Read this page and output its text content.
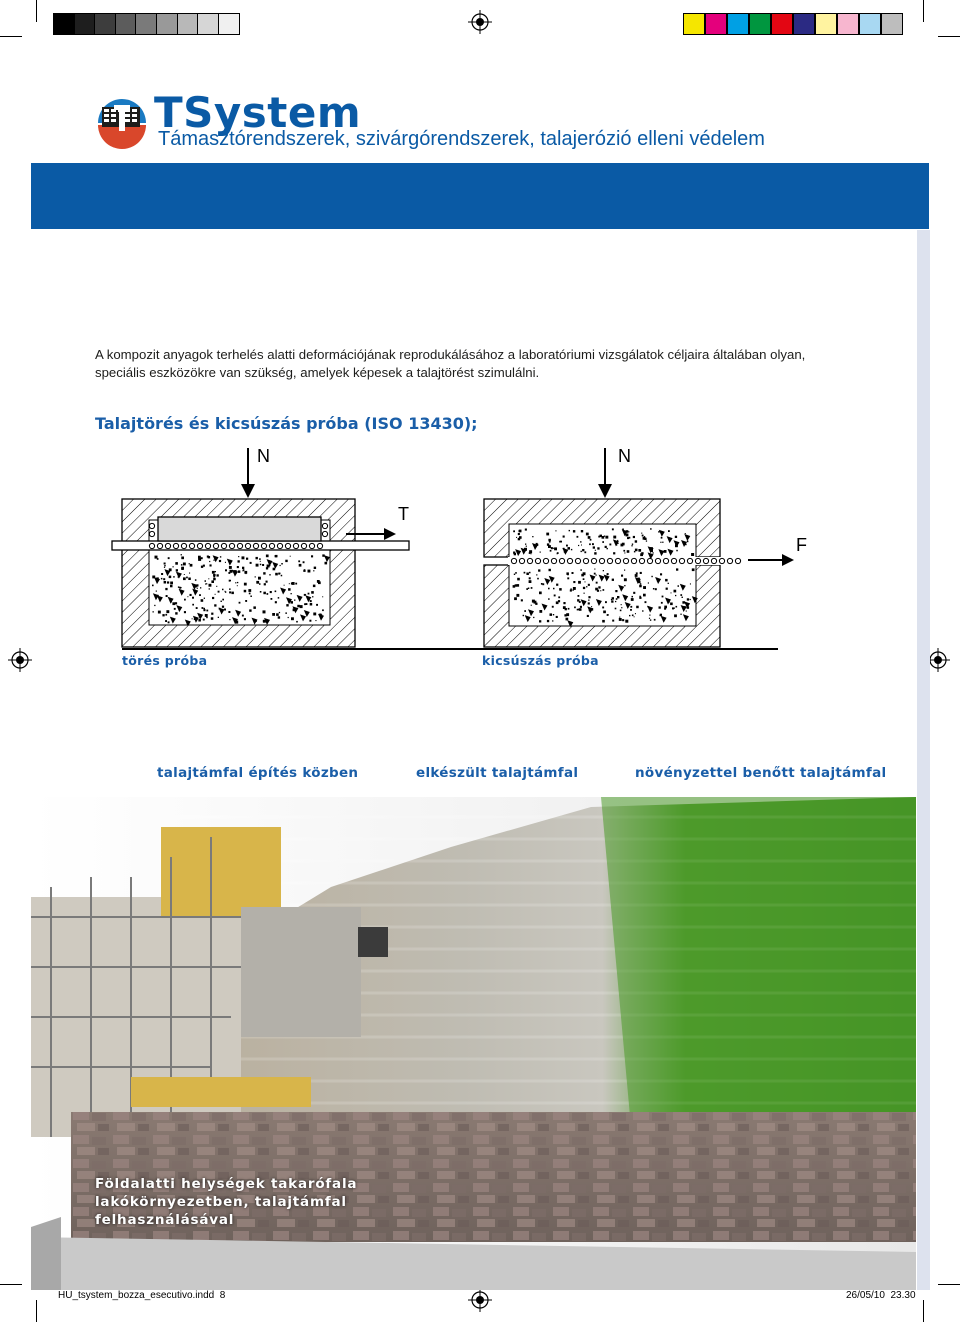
TSystem
Támasztórendszerek, szivárgórendszerek, talajerózió elleni védelem
A kompozit anyagok terhelés alatti deformációjának reprodukálásához a laboratóriumi vizsgálatok céljaira általában olyan, speciális eszközökre van szükség, amelyek képesek a talajtörést szimulálni.
Talajtörés és kicsúszás próba (ISO 13430);
N
T
N
F
törés próba	kicsúszás próba
talajtámfal építés közben	elkészült talajtámfal	növényzettel benőtt talajtámfal
Földalatti helységek takarófala
lakókörnyezetben, talajtámfal
felhasználásával
HU_tsystem_bozza_esecutivo.indd 8	26/05/10 23.30
